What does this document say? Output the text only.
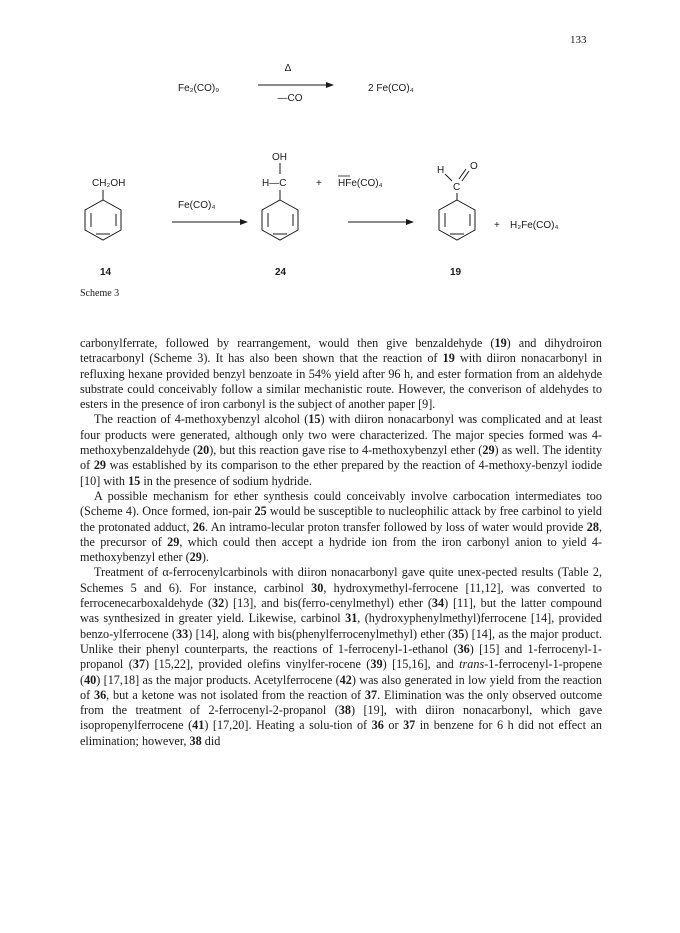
133
Fe₂(CO)₉
Δ
—CO
2 Fe(CO)₄
CH₂OH
14
Fe(CO)₄
OH
H—C	+ HFe(CO)₄
24
H	O
C
+ H₂Fe(CO)₄
19
Scheme 3

carbonylferrate, followed by rearrangement, would then give benzaldehyde (19) and dihydroiron tetracarbonyl (Scheme 3). It has also been shown that the reaction of 19 with diiron nonacarbonyl in refluxing hexane provided benzyl benzoate in 54% yield after 96 h, and ester formation from an aldehyde substrate could conceivably follow a similar mechanistic route. However, the converison of aldehydes to esters in the presence of iron carbonyl is the subject of another paper [9].

The reaction of 4-methoxybenzyl alcohol (15) with diiron nonacarbonyl was complicated and at least four products were generated, although only two were characterized. The major species formed was 4-methoxybenzaldehyde (20), but this reaction gave rise to 4-methoxybenzyl ether (29) as well. The identity of 29 was established by its comparison to the ether prepared by the reaction of 4-methoxy-benzyl iodide [10] with 15 in the presence of sodium hydride.

A possible mechanism for ether synthesis could conceivably involve carbocation intermediates too (Scheme 4). Once formed, ion-pair 25 would be susceptible to nucleophilic attack by free carbinol to yield the protonated adduct, 26. An intramo-lecular proton transfer followed by loss of water would provide 28, the precursor of 29, which could then accept a hydride ion from the iron carbonyl anion to yield 4-methoxybenzyl ether (29).

Treatment of α-ferrocenylcarbinols with diiron nonacarbonyl gave quite unex-pected results (Table 2, Schemes 5 and 6). For instance, carbinol 30, hydroxymethyl-ferrocene [11,12], was converted to ferrocenecarboxaldehyde (32) [13], and bis(ferro-cenylmethyl) ether (34) [11], but the latter compound was synthesized in greater yield. Likewise, carbinol 31, (hydroxyphenylmethyl)ferrocene [14], provided benzo-ylferrocene (33) [14], along with bis(phenylferrocenylmethyl) ether (35) [14], as the major product. Unlike their phenyl counterparts, the reactions of 1-ferrocenyl-1-ethanol (36) [15] and 1-ferrocenyl-1-propanol (37) [15,22], provided olefins vinylfer-rocene (39) [15,16], and trans-1-ferrocenyl-1-propene (40) [17,18] as the major products. Acetylferrocene (42) was also generated in low yield from the reaction of 36, but a ketone was not isolated from the reaction of 37. Elimination was the only observed outcome from the treatment of 2-ferrocenyl-2-propanol (38) [19], with diiron nonacarbonyl, which gave isopropenylferrocene (41) [17,20]. Heating a solu-tion of 36 or 37 in benzene for 6 h did not effect an elimination; however, 38 did
